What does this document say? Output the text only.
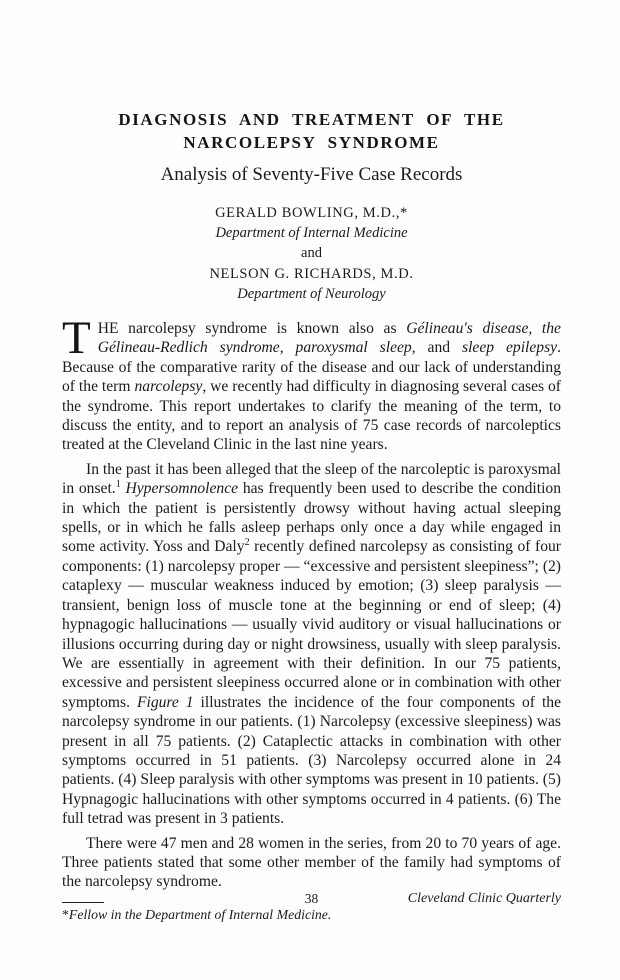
DIAGNOSIS AND TREATMENT OF THE
NARCOLEPSY SYNDROME
Analysis of Seventy-Five Case Records
GERALD BOWLING, M.D.,*
Department of Internal Medicine
and
NELSON G. RICHARDS, M.D.
Department of Neurology

THE narcolepsy syndrome is known also as Gélineau's disease, the Gélineau-Redlich syndrome, paroxysmal sleep, and sleep epilepsy. Because of the comparative rarity of the disease and our lack of understanding of the term narcolepsy, we recently had difficulty in diagnosing several cases of the syndrome. This report undertakes to clarify the meaning of the term, to discuss the entity, and to report an analysis of 75 case records of narcoleptics treated at the Cleveland Clinic in the last nine years.

In the past it has been alleged that the sleep of the narcoleptic is paroxysmal in onset.$^1$ Hypersomnolence has frequently been used to describe the condition in which the patient is persistently drowsy without having actual sleeping spells, or in which he falls asleep perhaps only once a day while engaged in some activity. Yoss and Daly$^2$ recently defined narcolepsy as consisting of four components: (1) narcolepsy proper — “excessive and persistent sleepiness”; (2) cataplexy — muscular weakness induced by emotion; (3) sleep paralysis — transient, benign loss of muscle tone at the beginning or end of sleep; (4) hypnagogic hallucinations — usually vivid auditory or visual hallucinations or illusions occurring during day or night drowsiness, usually with sleep paralysis. We are essentially in agreement with their definition. In our 75 patients, excessive and persistent sleepiness occurred alone or in combination with other symptoms. Figure 1 illustrates the incidence of the four components of the narcolepsy syndrome in our patients. (1) Narcolepsy (excessive sleepiness) was present in all 75 patients. (2) Cataplectic attacks in combination with other symptoms occurred in 51 patients. (3) Narcolepsy occurred alone in 24 patients. (4) Sleep paralysis with other symptoms was present in 10 patients. (5) Hypnagogic hallucinations with other symptoms occurred in 4 patients. (6) The full tetrad was present in 3 patients.

There were 47 men and 28 women in the series, from 20 to 70 years of age. Three patients stated that some other member of the family had symptoms of the narcolepsy syndrome.

*Fellow in the Department of Internal Medicine.
38	Cleveland Clinic Quarterly
